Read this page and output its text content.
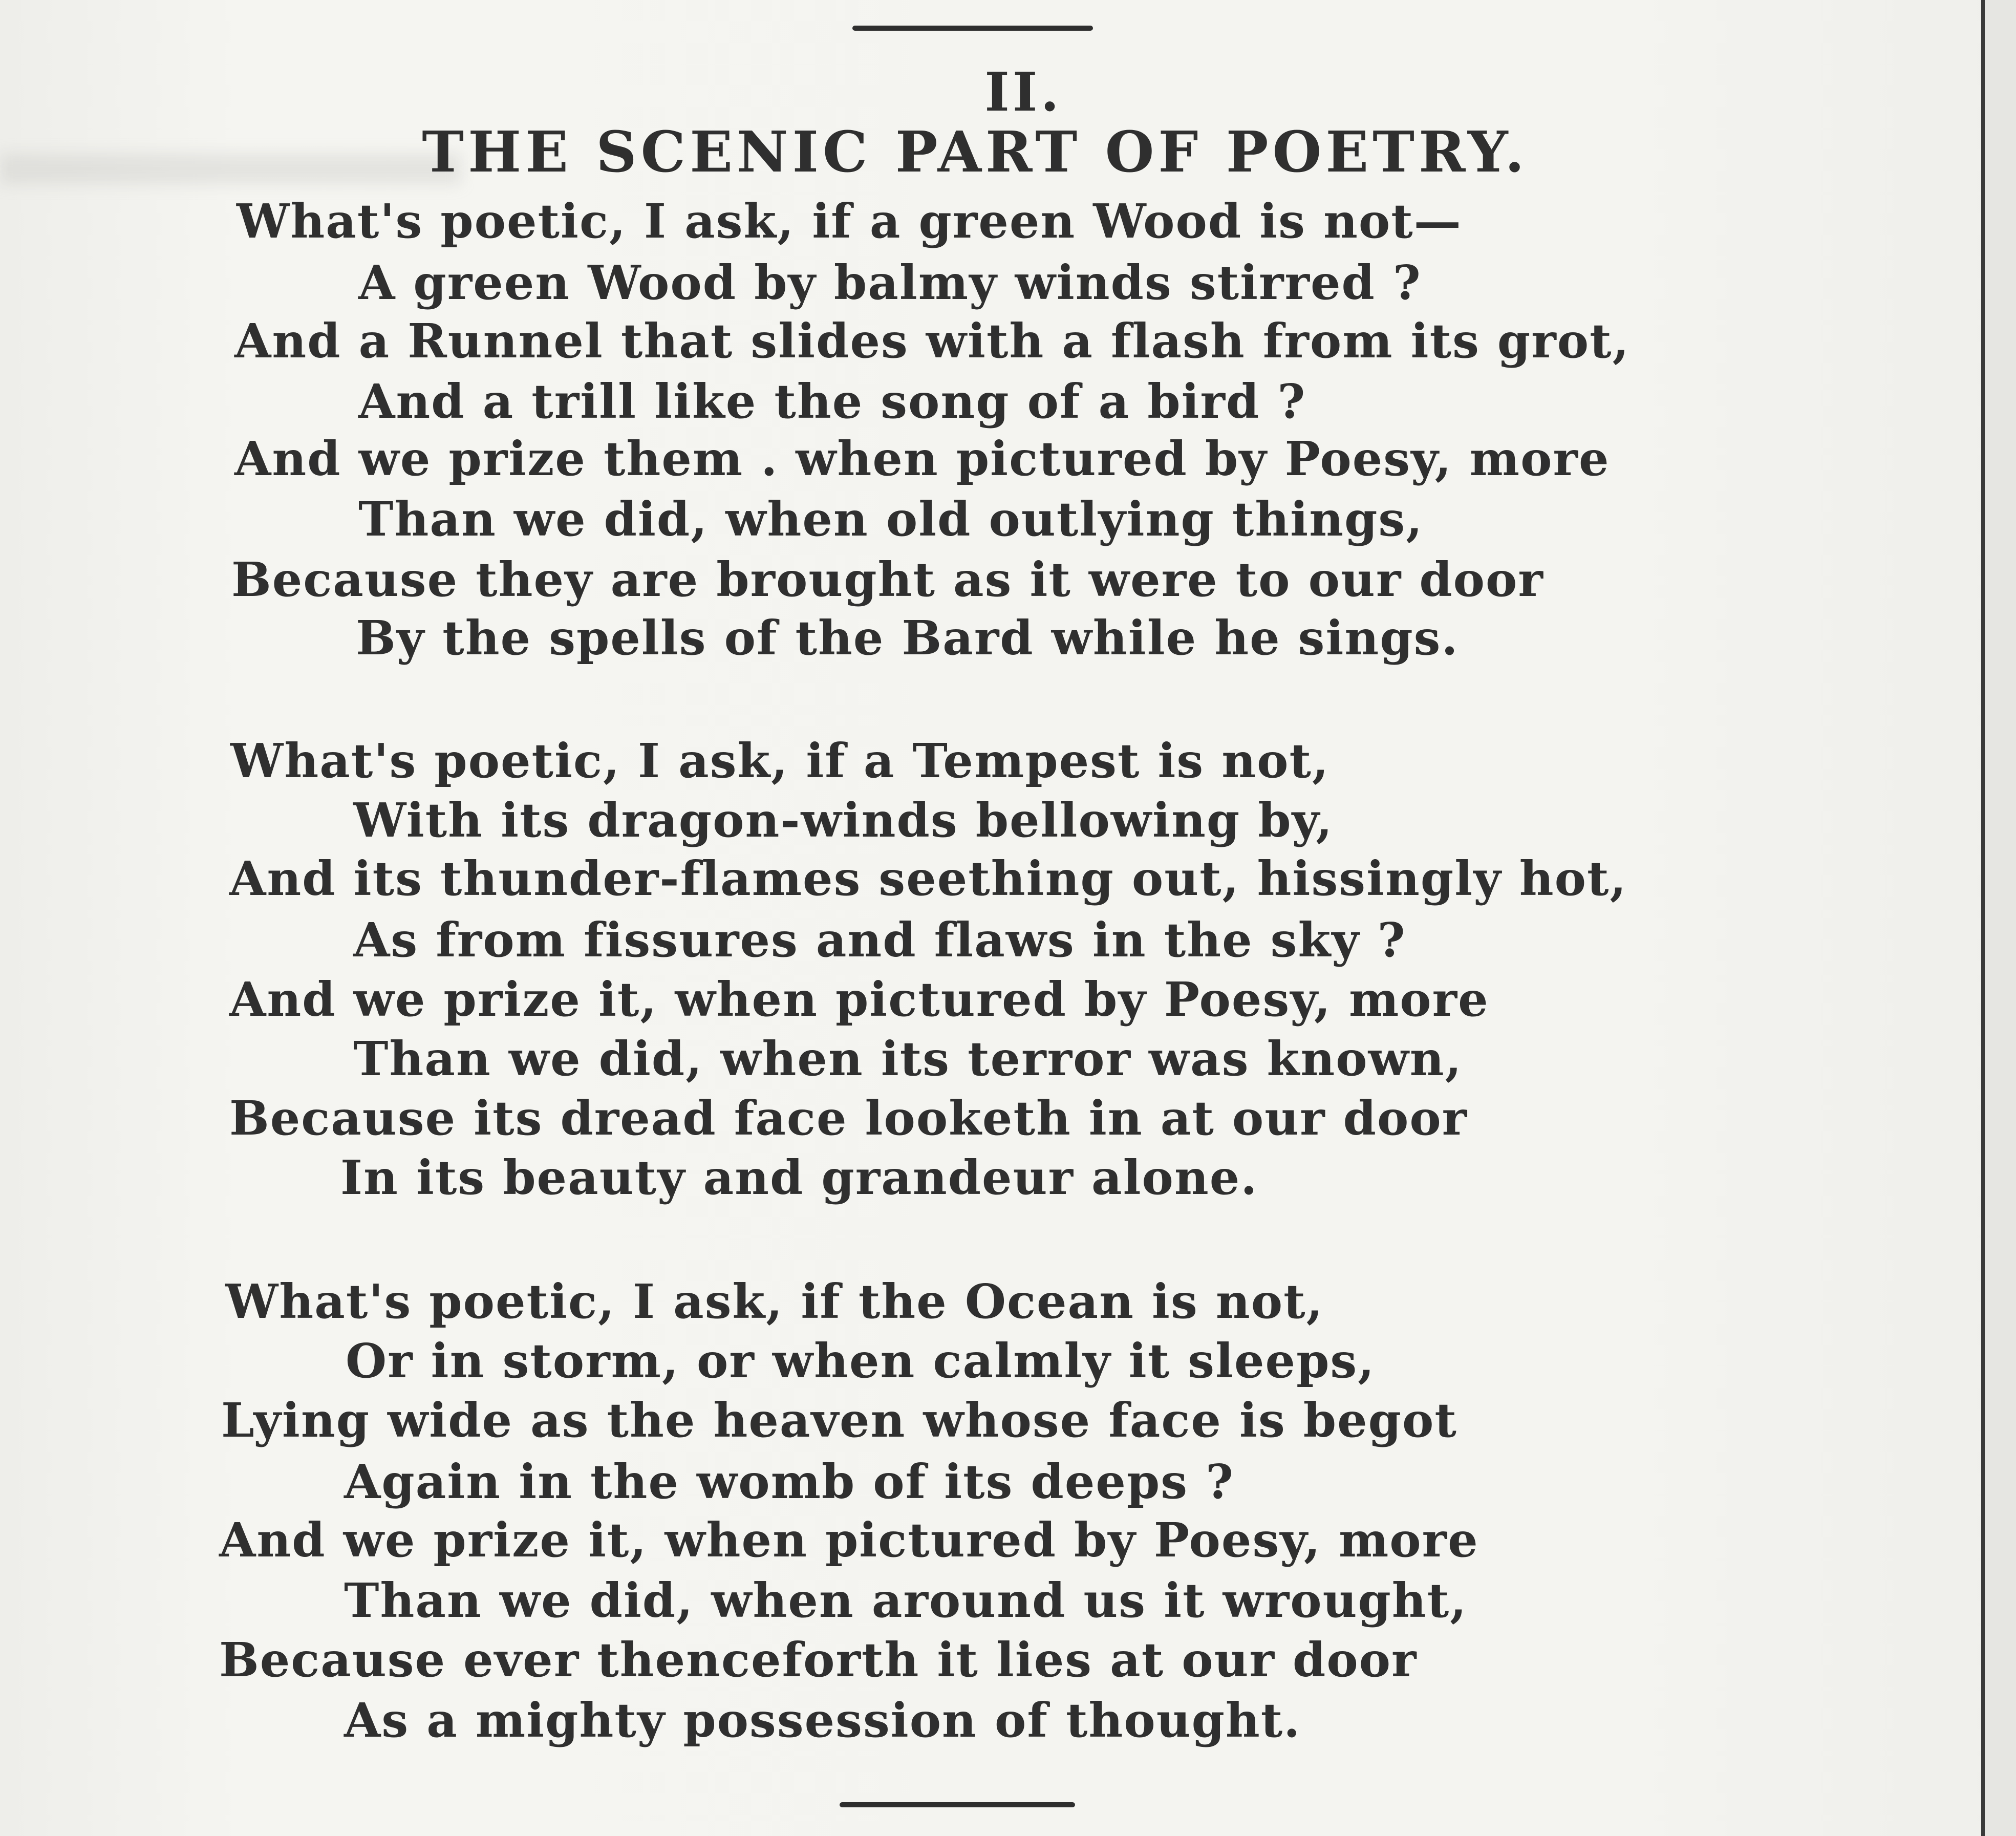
II.
THE SCENIC PART OF POETRY.
What's poetic, I ask, if a green Wood is not—
A green Wood by balmy winds stirred ?
And a Runnel that slides with a flash from its grot,
And a trill like the song of a bird ?
And we prize them . when pictured by Poesy, more
Than we did, when old outlying things,
Because they are brought as it were to our door
By the spells of the Bard while he sings.
What's poetic, I ask, if a Tempest is not,
With its dragon-winds bellowing by,
And its thunder-flames seething out, hissingly hot,
As from fissures and flaws in the sky ?
And we prize it, when pictured by Poesy, more
Than we did, when its terror was known,
Because its dread face looketh in at our door
In its beauty and grandeur alone.
What's poetic, I ask, if the Ocean is not,
Or in storm, or when calmly it sleeps,
Lying wide as the heaven whose face is begot
Again in the womb of its deeps ?
And we prize it, when pictured by Poesy, more
Than we did, when around us it wrought,
Because ever thenceforth it lies at our door
As a mighty possession of thought.
